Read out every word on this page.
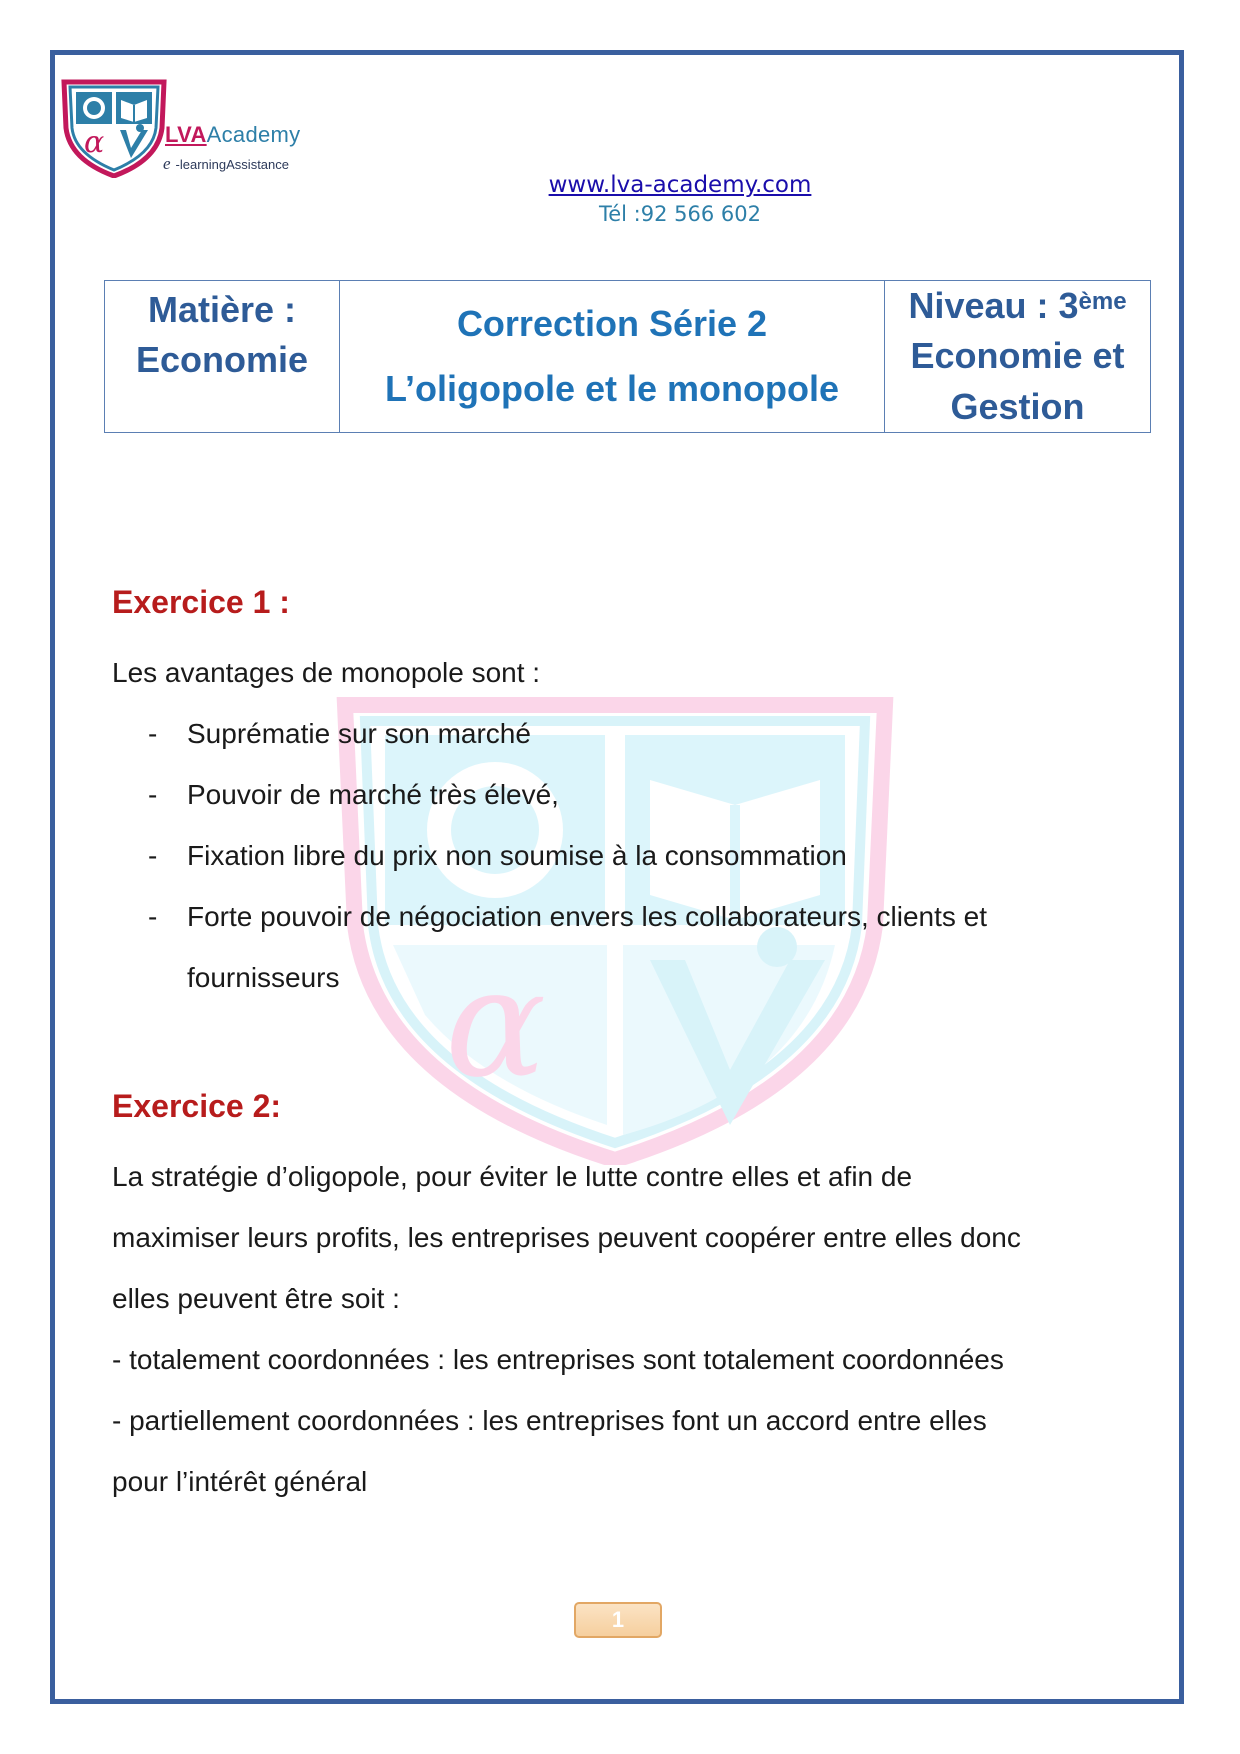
α	LVAAcademy
e -learningAssistance
www.lva-academy.com
Tél :92 566 602
Matière :
Economie

Correction Série 2
L’oligopole et le monopole

Niveau : 3ème
Economie et
Gestion
α
Exercice 1 :

Les avantages de monopole sont :

- Suprématie sur son marché
- Pouvoir de marché très élevé,
- Fixation libre du prix non soumise à la consommation
- Forte pouvoir de négociation envers les collaborateurs, clients et
fournisseurs
Exercice 2:

La stratégie d’oligopole, pour éviter le lutte contre elles et afin de

maximiser leurs profits, les entreprises peuvent coopérer entre elles donc

elles peuvent être soit :

- totalement coordonnées : les entreprises sont totalement coordonnées

- partiellement coordonnées : les entreprises font un accord entre elles

pour l’intérêt général

1
